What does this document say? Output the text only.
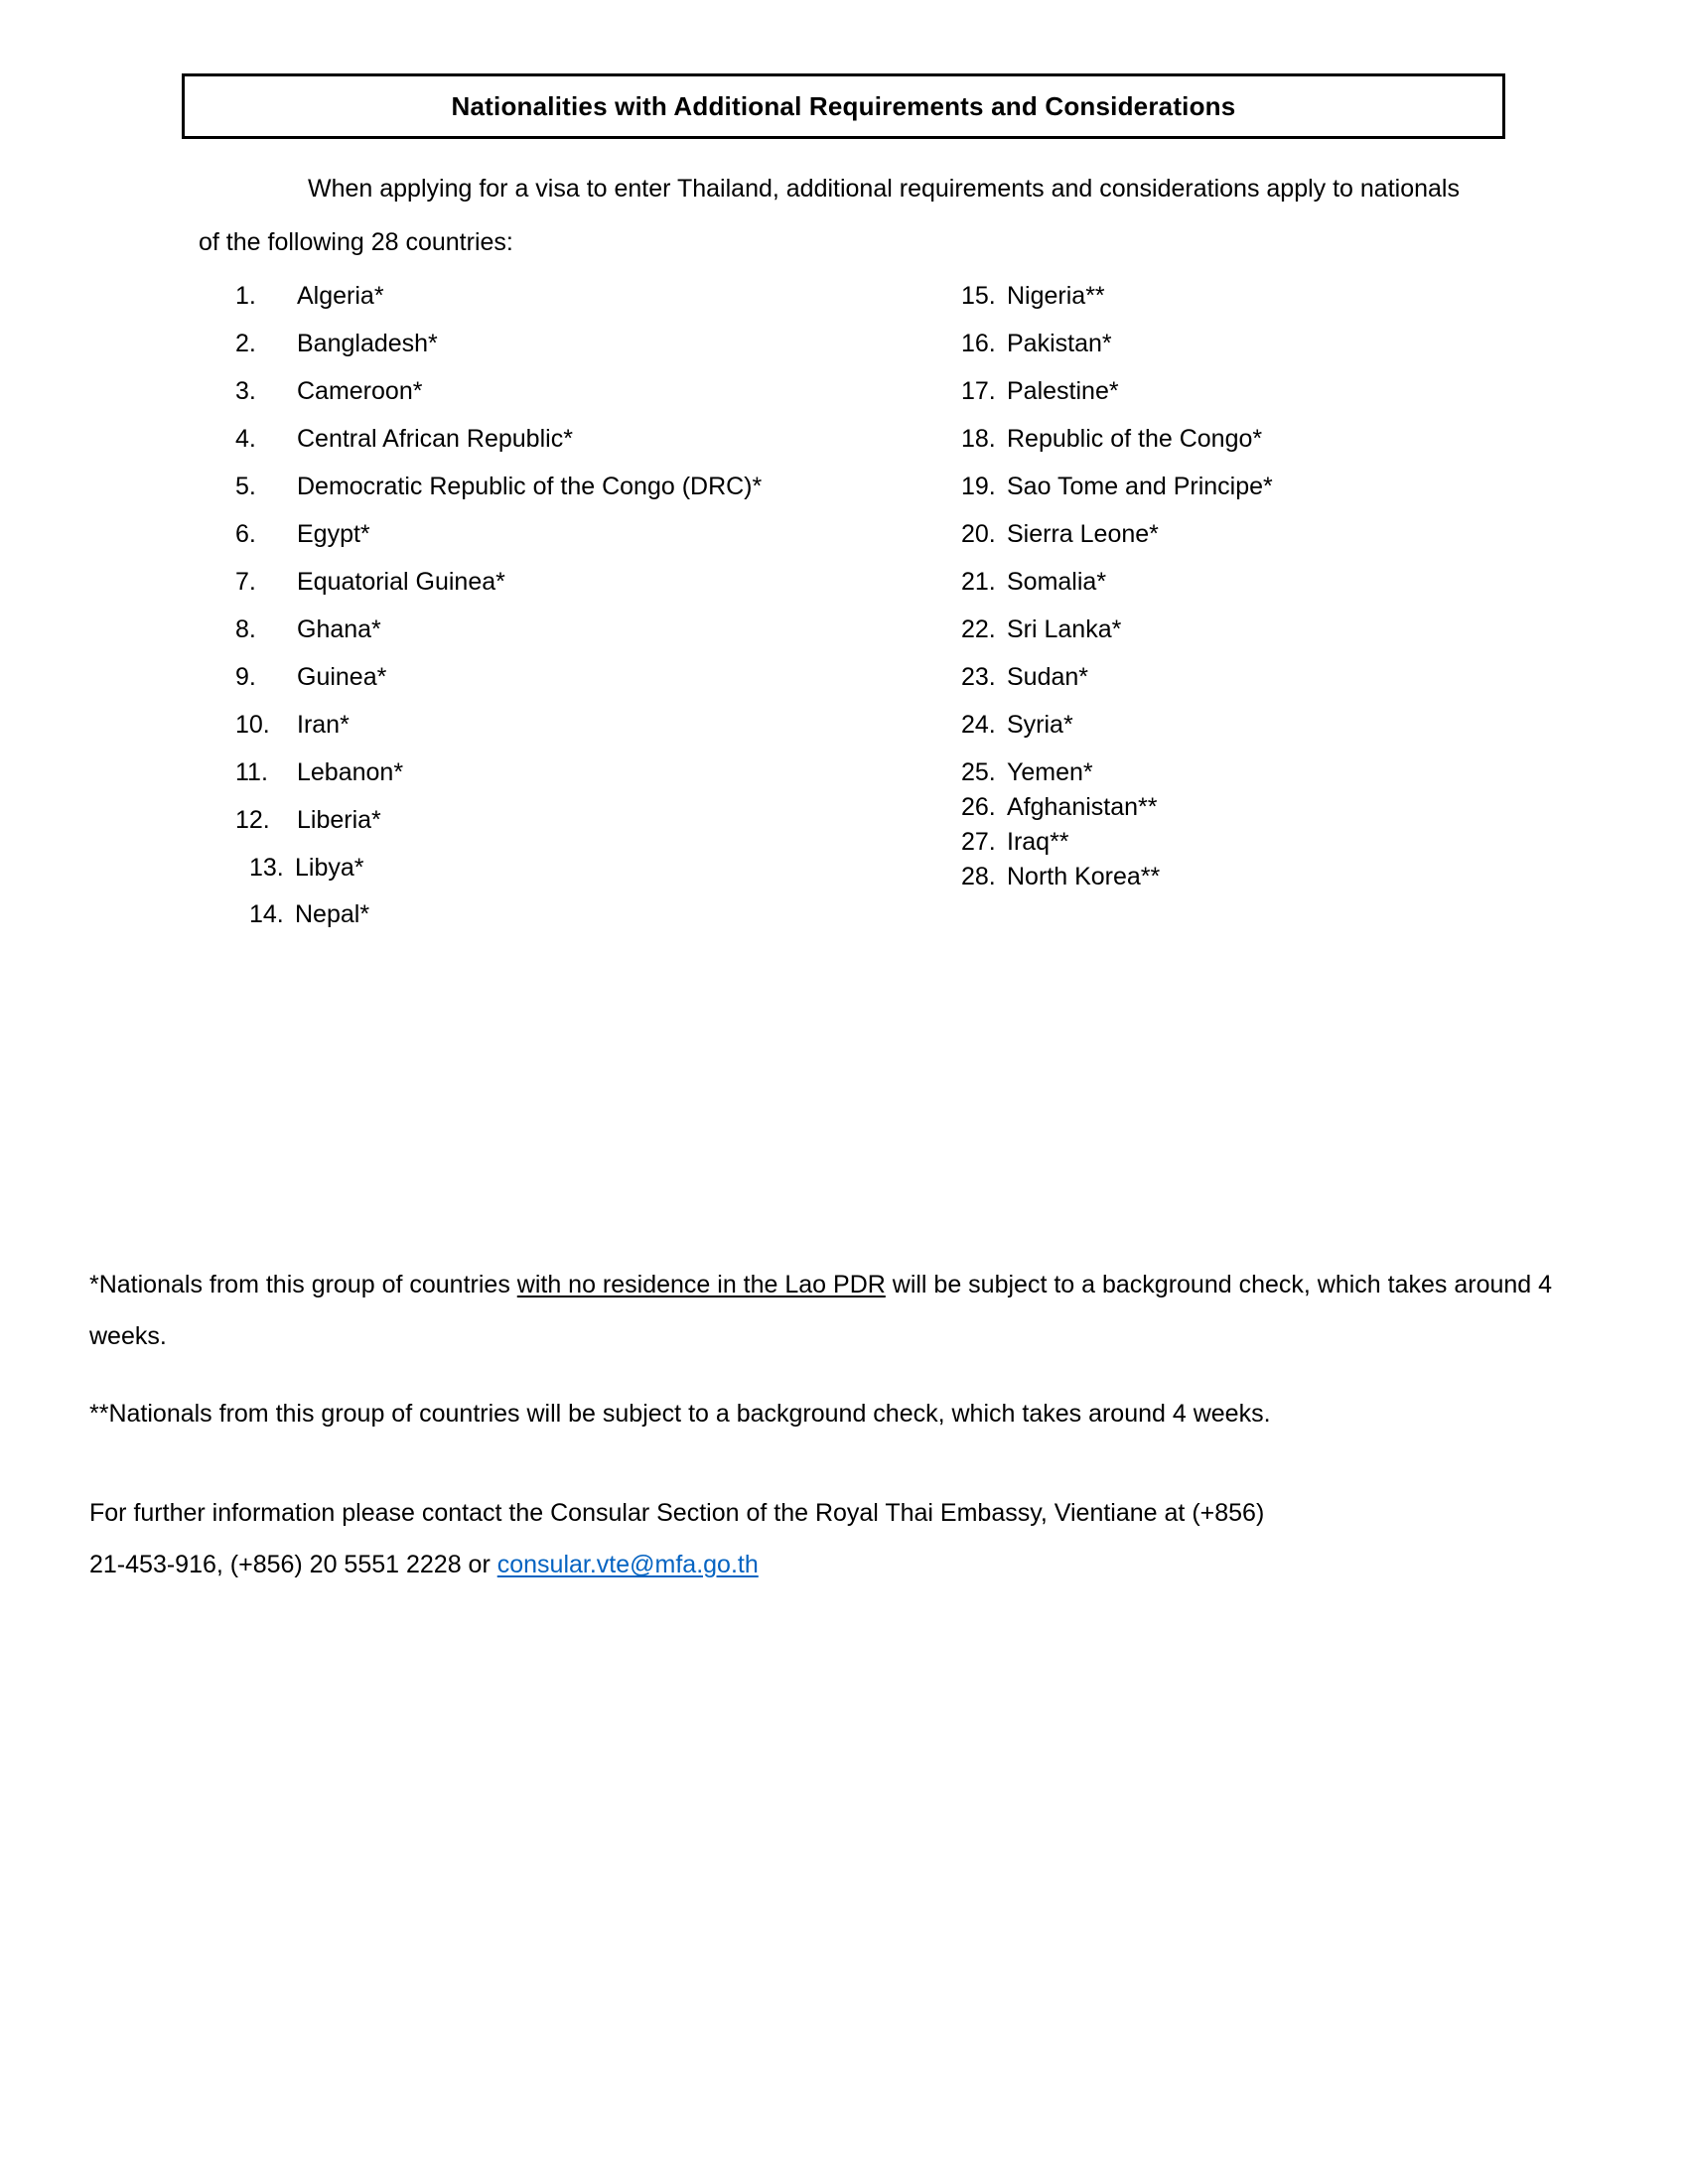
Nationalities with Additional Requirements and Considerations
When applying for a visa to enter Thailand, additional requirements and considerations apply to nationals of the following 28 countries:
1. Algeria*
2. Bangladesh*
3. Cameroon*
4. Central African Republic*
5. Democratic Republic of the Congo (DRC)*
6. Egypt*
7. Equatorial Guinea*
8. Ghana*
9. Guinea*
10. Iran*
11. Lebanon*
12. Liberia*
13. Libya*
14. Nepal*
15. Nigeria**
16. Pakistan*
17. Palestine*
18. Republic of the Congo*
19. Sao Tome and Principe*
20. Sierra Leone*
21. Somalia*
22. Sri Lanka*
23. Sudan*
24. Syria*
25. Yemen*
26. Afghanistan**
27. Iraq**
28. North Korea**
*Nationals from this group of countries with no residence in the Lao PDR will be subject to a background check, which takes around 4 weeks.
**Nationals from this group of countries will be subject to a background check, which takes around 4 weeks.
For further information please contact the Consular Section of the Royal Thai Embassy, Vientiane at (+856)
21-453-916, (+856) 20 5551 2228 or consular.vte@mfa.go.th
